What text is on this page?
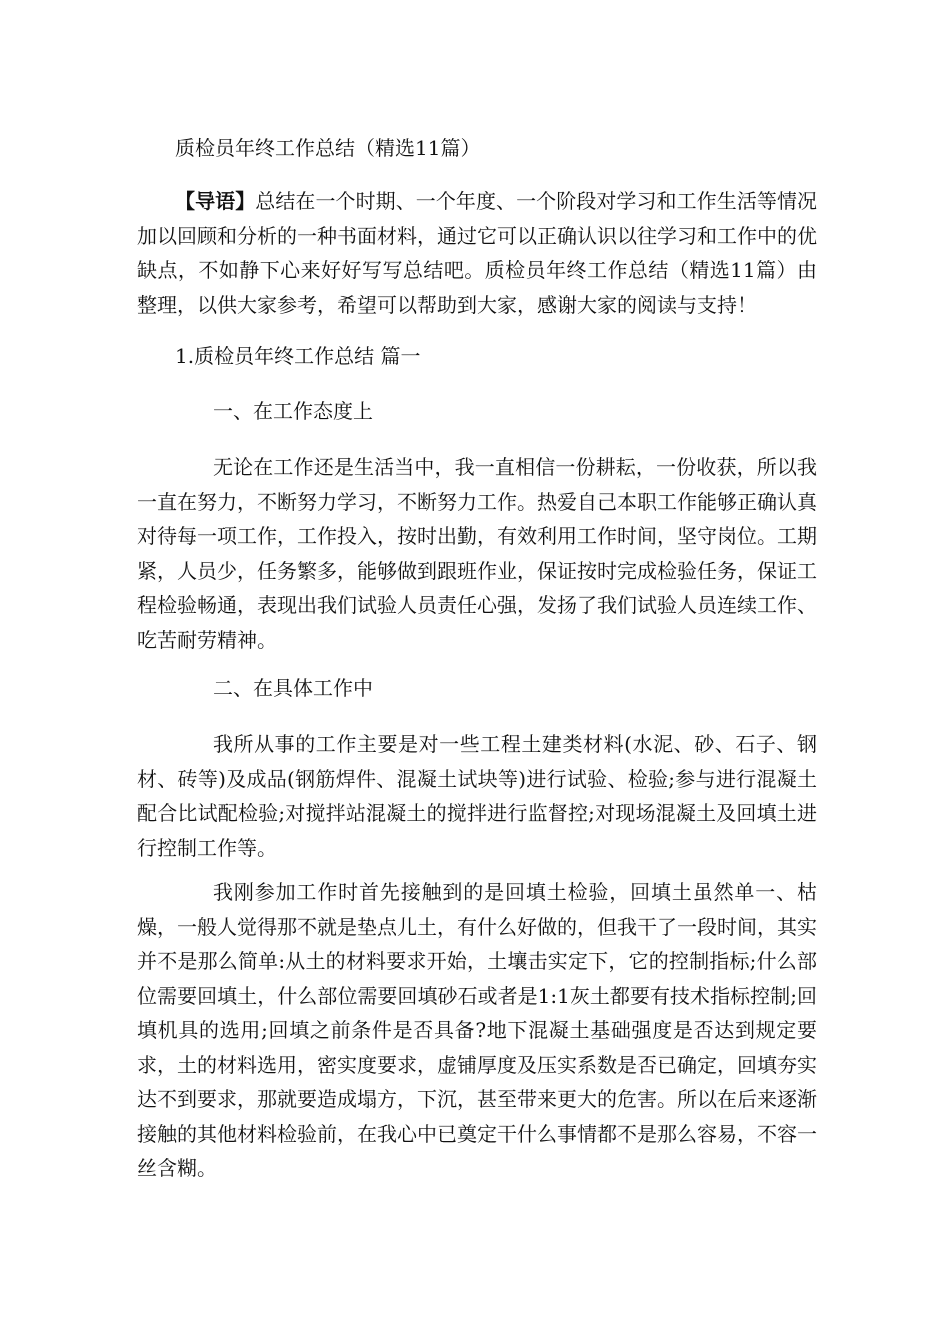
质检员年终工作总结（精选11篇）

【导语】总结在一个时期、一个年度、一个阶段对学习和工作生活等情况加以回顾和分析的一种书面材料，通过它可以正确认识以往学习和工作中的优缺点，不如静下心来好好写写总结吧。质检员年终工作总结（精选11篇）由整理，以供大家参考，希望可以帮助到大家，感谢大家的阅读与支持！

1.质检员年终工作总结 篇一

一、在工作态度上

无论在工作还是生活当中，我一直相信一份耕耘，一份收获，所以我一直在努力，不断努力学习，不断努力工作。热爱自己本职工作能够正确认真对待每一项工作，工作投入，按时出勤，有效利用工作时间，坚守岗位。工期紧，人员少，任务繁多，能够做到跟班作业，保证按时完成检验任务，保证工程检验畅通，表现出我们试验人员责任心强，发扬了我们试验人员连续工作、吃苦耐劳精神。

二、在具体工作中

我所从事的工作主要是对一些工程土建类材料(水泥、砂、石子、钢材、砖等)及成品(钢筋焊件、混凝土试块等)进行试验、检验;参与进行混凝土配合比试配检验;对搅拌站混凝土的搅拌进行监督控;对现场混凝土及回填土进行控制工作等。

我刚参加工作时首先接触到的是回填土检验，回填土虽然单一、枯燥，一般人觉得那不就是垫点儿土，有什么好做的，但我干了一段时间，其实并不是那么简单:从土的材料要求开始，土壤击实定下，它的控制指标;什么部位需要回填土，什么部位需要回填砂石或者是1:1灰土都要有技术指标控制;回填机具的选用;回填之前条件是否具备?地下混凝土基础强度是否达到规定要求，土的材料选用，密实度要求，虚铺厚度及压实系数是否已确定，回填夯实达不到要求，那就要造成塌方，下沉，甚至带来更大的危害。所以在后来逐渐接触的其他材料检验前，在我心中已奠定干什么事情都不是那么容易，不容一丝含糊。
